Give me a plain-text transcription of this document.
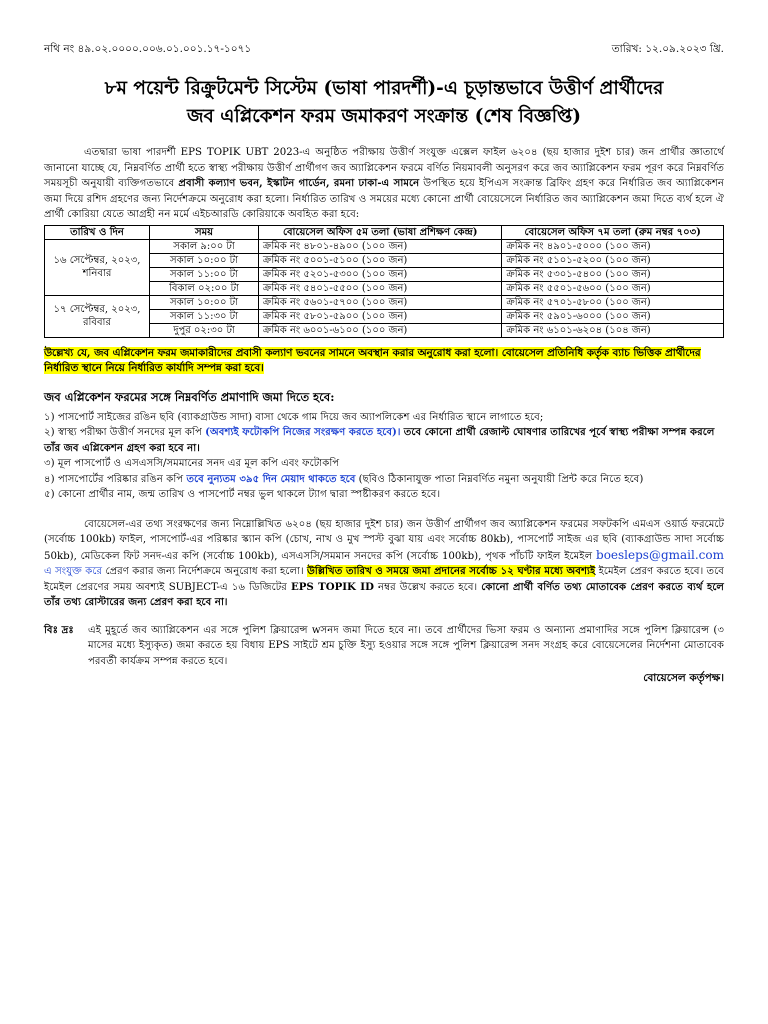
নথি নং ৪৯.০২.০০০০.০০৬.০১.০০১.১৭-১০৭১	তারিখ: ১২.০৯.২০২৩ খ্রি.
৮ম পয়েন্ট রিক্রুটমেন্ট সিস্টেম (ভাষা পারদর্শী)-এ চূড়ান্তভাবে উত্তীর্ণ প্রার্থীদের
জব এপ্লিকেশন ফরম জমাকরণ সংক্রান্ত (শেষ বিজ্ঞপ্তি)

এতদ্বারা ভাষা পারদর্শী EPS TOPIK UBT 2023-এ অনুষ্ঠিত পরীক্ষায় উত্তীর্ণ সংযুক্ত এক্সেল ফাইল ৬২০৪ (ছয় হাজার দুইশ চার) জন প্রার্থীর জ্ঞাতার্থে জানানো যাচ্ছে যে, নিম্নবর্ণিত প্রার্থী হতে স্বাস্থ্য পরীক্ষায় উত্তীর্ণ প্রার্থীগণ জব অ্যাপ্লিকেশন ফরমে বর্ণিত নিয়মাবলী অনুসরণ করে জব অ্যাপ্লিকেশন ফরম পূরণ করে নিম্নবর্ণিত সময়সূচী অনুযায়ী ব্যক্তিগতভাবে প্রবাসী কল্যাণ ভবন, ইস্কাটন গার্ডেন, রমনা ঢাকা-এ সামনে উপস্থিত হয়ে ইপিএস সংক্রান্ত ব্রিফিং গ্রহণ করে নির্ধারিত জব অ্যাপ্লিকেশন জমা দিয়ে রশিদ গ্রহণের জন্য নির্দেশক্রমে অনুরোধ করা হলো। নির্ধারিত তারিখ ও সময়ের মধ্যে কোনো প্রার্থী বোয়েসেলে নির্ধারিত জব অ্যাপ্লিকেশন জমা দিতে ব্যর্থ হলে ঐ প্রার্থী কোরিয়া যেতে আগ্রহী নন মর্মে এইচআরডি কোরিয়াকে অবহিত করা হবে:

তারিখ ও দিন	সময়	বোয়েসেল অফিস ৫ম তলা (ভাষা প্রশিক্ষণ কেন্দ্র)	বোয়েসেল অফিস ৭ম তলা (রুম নম্বর ৭০৩)
১৬ সেপ্টেম্বর, ২০২৩, শনিবার	সকাল ৯:০০ টা	ক্রমিক নং ৪৮০১-৪৯০০ (১০০ জন)	ক্রমিক নং ৪৯০১-৫০০০ (১০০ জন)
	সকাল ১০:০০ টা	ক্রমিক নং ৫০০১-৫১০০ (১০০ জন)	ক্রমিক নং ৫১০১-৫২০০ (১০০ জন)
	সকাল ১১:০০ টা	ক্রমিক নং ৫২০১-৫৩০০ (১০০ জন)	ক্রমিক নং ৫৩০১-৫৪০০ (১০০ জন)
	বিকাল ০২:০০ টা	ক্রমিক নং ৫৪০১-৫৫০০ (১০০ জন)	ক্রমিক নং ৫৫০১-৫৬০০ (১০০ জন)
১৭ সেপ্টেম্বর, ২০২৩, রবিবার	সকাল ১০:০০ টা	ক্রমিক নং ৫৬০১-৫৭০০ (১০০ জন)	ক্রমিক নং ৫৭০১-৫৮০০ (১০০ জন)
	সকাল ১১:৩০ টা	ক্রমিক নং ৫৮০১-৫৯০০ (১০০ জন)	ক্রমিক নং ৫৯০১-৬০০০ (১০০ জন)
	দুপুর ০২:৩০ টা	ক্রমিক নং ৬০০১-৬১০০ (১০০ জন)	ক্রমিক নং ৬১০১-৬২০৪ (১০৪ জন)

উল্লেখ্য যে, জব এপ্লিকেশন ফরম জমাকারীদের প্রবাসী কল্যাণ ভবনের সামনে অবস্থান করার অনুরোধ করা হলো। বোয়েসেল প্রতিনিধি কর্তৃক ব্যাচ ভিত্তিক প্রার্থীদের নির্ধারিত স্থানে নিয়ে নির্ধারিত কার্যাদি সম্পন্ন করা হবে।

জব এপ্লিকেশন ফরমের সঙ্গে নিম্নবর্ণিত প্রমাণাদি জমা দিতে হবে:
১) পাসপোর্ট সাইজের রঙিন ছবি (ব্যাকগ্রাউন্ড সাদা) বাসা থেকে গাম দিয়ে জব অ্যাপলিকেশ এর নির্ধারিত স্থানে লাগাতে হবে;
২) স্বাস্থ্য পরীক্ষা উত্তীর্ণ সনদের মূল কপি (অবশ্যই ফটোকপি নিজের সংরক্ষণ করতে হবে)। তবে কোনো প্রার্থী রেজাল্ট ঘোষণার তারিখের পূর্বে স্বাস্থ্য পরীক্ষা সম্পন্ন করলে তাঁর জব এপ্লিকেশন গ্রহণ করা হবে না।
৩) মূল পাসপোর্ট ও এসএসসি/সমমানের সনদ এর মূল কপি এবং ফটোকপি
৪) পাসপোর্টের পরিষ্কার রঙিন কপি তবে নুন্যতম ৩৯৫ দিন মেয়াদ থাকতে হবে (ছবিও ঠিকানাযুক্ত পাতা নিম্নবর্ণিত নমুনা অনুযায়ী প্রিন্ট করে নিতে হবে)
৫) কোনো প্রার্থীর নাম, জন্ম তারিখ ও পাসপোর্ট নম্বর ভুল থাকলে ট্যাগ দ্বারা স্পষ্টীকরণ করতে হবে।

বোয়েসেল-এর তথ্য সংরক্ষণের জন্য নিম্নোল্লিখিত ৬২০৪ (ছয় হাজার দুইশ চার) জন উত্তীর্ণ প্রার্থীগণ জব অ্যাপ্লিকেশন ফরমের সফটকপি এমএস ওয়ার্ড ফরমেটে (সর্বোচ্চ 100kb) ফাইল, পাসপোর্ট-এর পরিষ্কার স্ক্যান কপি (চোখ, নাখ ও মুখ স্পস্ট বুঝা যায় এবং সর্বোচ্চ 80kb), পাসপোর্ট সাইজ এর ছবি (ব্যাকগ্রাউন্ড সাদা সর্বোচ্চ 50kb), মেডিকেল ফিট সনদ-এর কপি (সর্বোচ্চ 100kb), এসএসসি/সমমান সনদের কপি (সর্বোচ্চ 100kb), পৃথক পাঁচটি ফাইল ইমেইল boesleps@gmail.com এ সংযুক্ত করে প্রেরণ করার জন্য নির্দেশক্রমে অনুরোধ করা হলো। উল্লিখিত তারিখ ও সময়ে জমা প্রদানের সর্বোচ্চ ১২ ঘণ্টার মধ্যে অবশ্যই ইমেইল প্রেরণ করতে হবে। তবে ইমেইল প্রেরণের সময় অবশ্যই SUBJECT-এ ১৬ ডিজিটের EPS TOPIK ID নম্বর উল্লেখ করতে হবে। কোনো প্রার্থী বর্ণিত তথ্য মোতাবেক প্রেরণ করতে ব্যর্থ হলে তাঁর তথ্য রোস্টারের জন্য প্রেরণ করা হবে না।

বিঃ দ্রঃ	এই মুহূর্তে জব অ্যাপ্লিকেশন এর সঙ্গে পুলিশ ক্লিয়ারেন্স wসনদ জমা দিতে হবে না। তবে প্রার্থীদের ভিসা ফরম ও অন্যান্য প্রমাণাদির সঙ্গে পুলিশ ক্লিয়ারেন্স (৩ মাসের মধ্যে ইস্যুকৃত) জমা করতে হয় বিধায় EPS সাইটে শ্রম চুক্তি ইস্যু হওয়ার সঙ্গে সঙ্গে পুলিশ ক্লিয়ারেন্স সনদ সংগ্রহ করে বোয়েসেলের নির্দেশনা মোতাবেক পরবর্তী কার্যক্রম সম্পন্ন করতে হবে।
বোয়েসেল কর্তৃপক্ষ।
